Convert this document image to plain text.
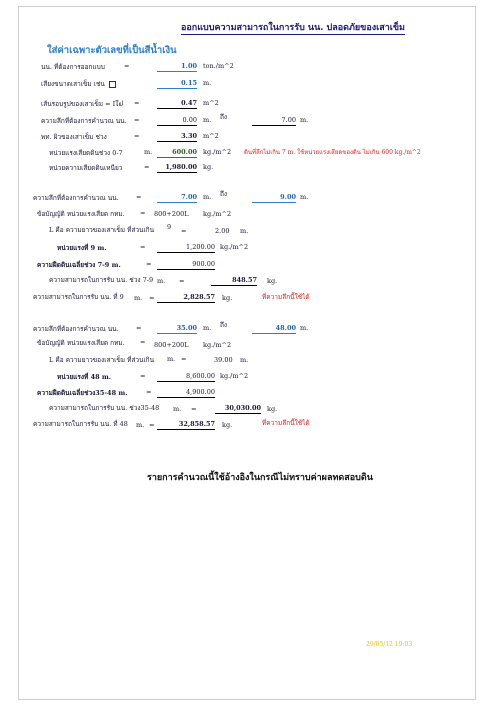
ออกแบบความสามารถในการรับ นน. ปลอดภัยของเสาเข็ม
ใส่ค่าเฉพาะตัวเลขที่เป็นสีน้ำเงิน
นน. ที่ต้องการออกแบบ	=	1.00 ton./m^2
เสียงขนาดเสาเข็ม เช่น	0.15 m.
เส้นรอบรูปของเสาเข็ม = Iໃຢ =	0.47 m^2
ความลึกที่ต้องการคำนวณ นน. =	0.00 m. ถึง	7.00 m.
พท. ผิวของเสาเข็ม ช่วง	=	3.30 m^2
หน่วยแรงเสียดดินช่วง 0-7	m.	600.00 kg./m^2 ดินที่ลึกไม่เกิน 7 m. ใช้หน่วยแรงเสียดของดิน ไม่เกิน 600 kg./m^2
หน่วยความเสียดดินเหนียว	=	1,980.00 kg.
ความลึกที่ต้องการคำนวณ นน.	=	7.00 m. ถึง	9.00 m.
ข้อบัญญัติ หน่วยแรงเสียด กทม. = 800+200L kg./m^2
L คือ ความยาวของเสาเข็ม ที่ส่วนเกิน 9 =	2.00 m.
หน่วยแรงที่ 9 m.	=	1,200.00 kg./m^2
ความฝืดดินเฉลี่ยช่วง 7-9 m.	=	900.00
ความสามารถในการรับ นน. ช่วง 7-9 m. =	848.57 kg.
ความสามารถในการรับ นน. ที่ 9 m. =	2,828.57 kg.	ที่ความลึกนี้ใช้ได้
ความลึกที่ต้องการคำนวณ นน.	=	35.00 m. ถึง	48.00 m.
ข้อบัญญัติ หน่วยแรงเสียด กทม. = 800+200L kg./m^2
L คือ ความยาวของเสาเข็ม ที่ส่วนเกิน m. =	39.00 m.
หน่วยแรงที่ 48 m.	=	8,600.00 kg./m^2
ความฝืดดินเฉลี่ยช่วง35-48 m.	=	4,900.00
ความสามารถในการรับ นน. ช่วง35-48 m. =	30,030.00 kg.
ความสามารถในการรับ นน. ที่ 48 m. =	32,858.57 kg.	ที่ความลึกนี้ใช้ได้
รายการคำนวณนี้ใช้อ้างอิงในกรณีไม่ทราบค่าผลทดสอบดิน
29/05/12 19:03
